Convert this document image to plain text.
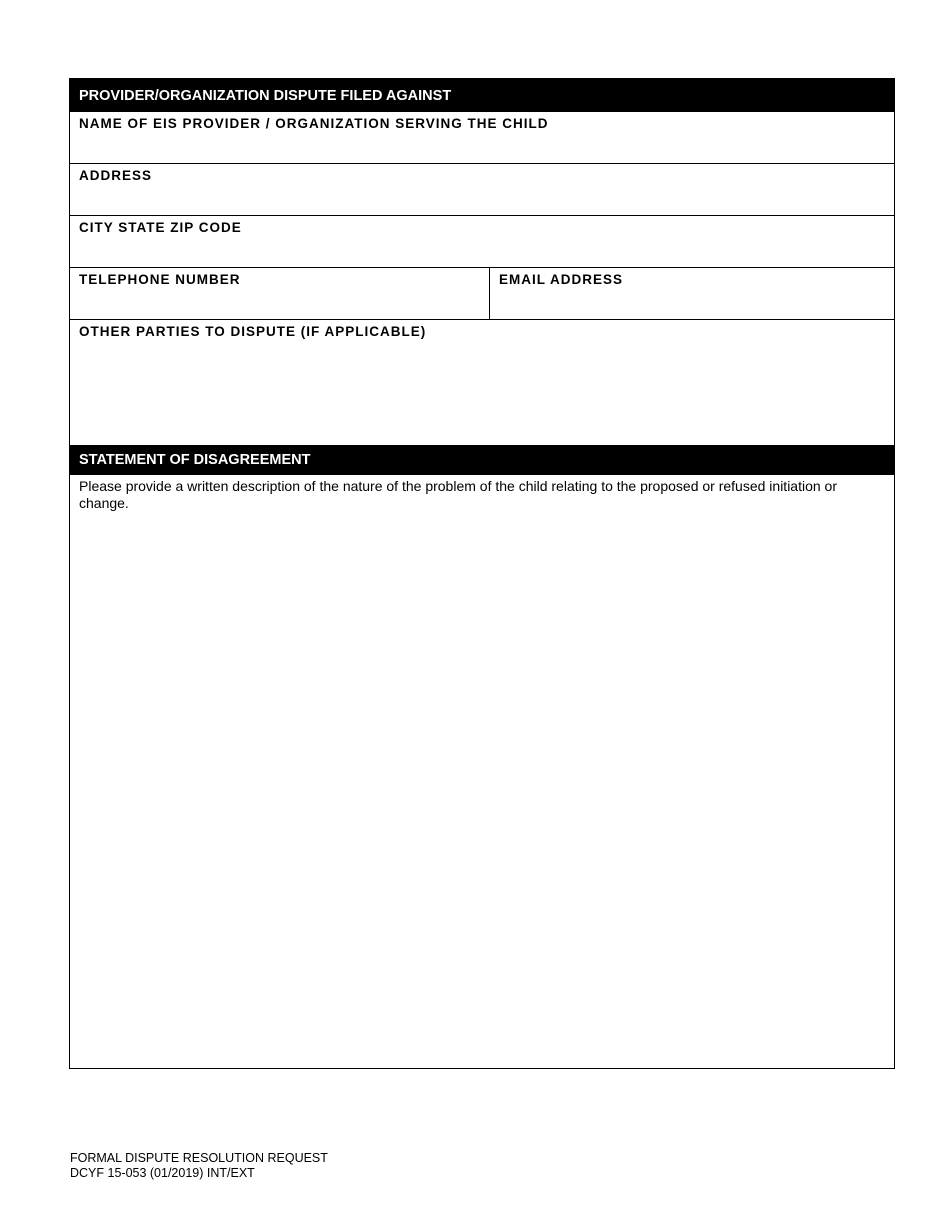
PROVIDER/ORGANIZATION DISPUTE FILED AGAINST
NAME OF EIS PROVIDER / ORGANIZATION SERVING THE CHILD
ADDRESS
CITY STATE ZIP CODE
TELEPHONE NUMBER	EMAIL ADDRESS
OTHER PARTIES TO DISPUTE (IF APPLICABLE)
STATEMENT OF DISAGREEMENT
Please provide a written description of the nature of the problem of the child relating to the proposed or refused initiation or change.
FORMAL DISPUTE RESOLUTION REQUEST
DCYF 15-053 (01/2019) INT/EXT
